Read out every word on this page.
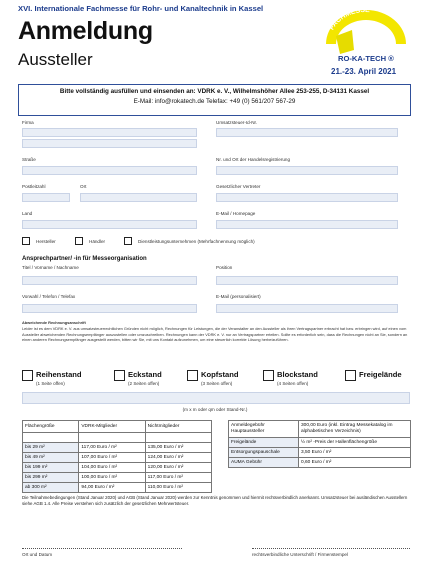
XVI. Internationale Fachmesse für Rohr- und Kanaltechnik in Kassel
Anmeldung
Aussteller
FACHMESSE
RO-KA-TECH ®
21.-23. April 2021
Bitte vollständig ausfüllen und einsenden an: VDRK e. V., Wilhelmshöher Allee 253-255, D-34131 Kassel
E-Mail: info@rokatech.de Telefax: +49 (0) 561/207 567-29
Firma	Umsatzsteuer-Id-Nr.
Straße	Nr. und Ort der Handelsregistrierung
Postleitzahl	Ort	Gesetzlicher Vertreter
Land	E-Mail / Homepage
Hersteller	Händler	Dienstleistungsunternehmen (Mehrfachnennung möglich)
Ansprechpartner/ -in für Messeorganisation
Titel / Vorname / Nachname	Position
Vorwahl / Telefon / Telefax	E-Mail (personalisiert)
Abweichende Rechnungsanschrift
Leider ist es dem VDRK e. V. aus umsatzsteuerrechtlichen Gründen nicht möglich, Rechnungen für Leistungen, die der Veranstalter an den Aussteller als ihren Vertragspartner erbracht hat bzw. erbringen wird, auf einen vom Aussteller abweichenden Rechnungsempfänger auszustellen oder umzuschreiben. Rechnungen kann der VDRK e. V. nur an Vertragspartner erteilen. Sollte es erforderlich sein, dass die Rechnungen nicht an Sie, sondern an einen anderen Rechnungsempfänger ausgestellt werden, bitten wir Sie, mit uns Kontakt aufzunehmen, um eine steuerlich korrekte Lösung herbeizuführen.
Reihenstand
(1 Seite offen)
Eckstand
(2 Seiten offen)
Kopfstand
(3 Seiten offen)
Blockstand
(4 Seiten offen)
Freigelände
(m x m oder qm oder Stand-Nr.)
Flächengröße	VDRK-Mitglieder	Nichtmitglieder

bis 29 m²	117,00 Euro / m²	135,00 Euro / m²
bis 49 m²	107,00 Euro / m²	124,00 Euro / m²
bis 199 m²	104,00 Euro / m²	120,00 Euro / m²
bis 299 m²	100,00 Euro / m²	117,00 Euro / m²
ab 300 m²	94,00 Euro / m²	110,00 Euro / m²
Anmeldegebühr Hauptaussteller	300,00 Euro (inkl. Eintrag Messekatalog im alphabetischen Verzeichnis)
Freigelände	½ m² -Preis der Hallenflächengröße
Entsorgungspauschale	3,50 Euro / m²
AUMA Gebühr	0,60 Euro / m²
Die Teilnahmebedingungen (Stand Januar 2020) und AGB (Stand Januar 2020) werden zur Kenntnis genommen und hiermit rechtsverbindlich anerkannt. Umsatzsteuer bei ausländischen Ausstellern siehe AGB 1.4. Alle Preise verstehen sich zusätzlich der gesetzlichen Mehrwertsteuer.
Ort und Datum	rechtsverbindliche Unterschrift / Firmenstempel
